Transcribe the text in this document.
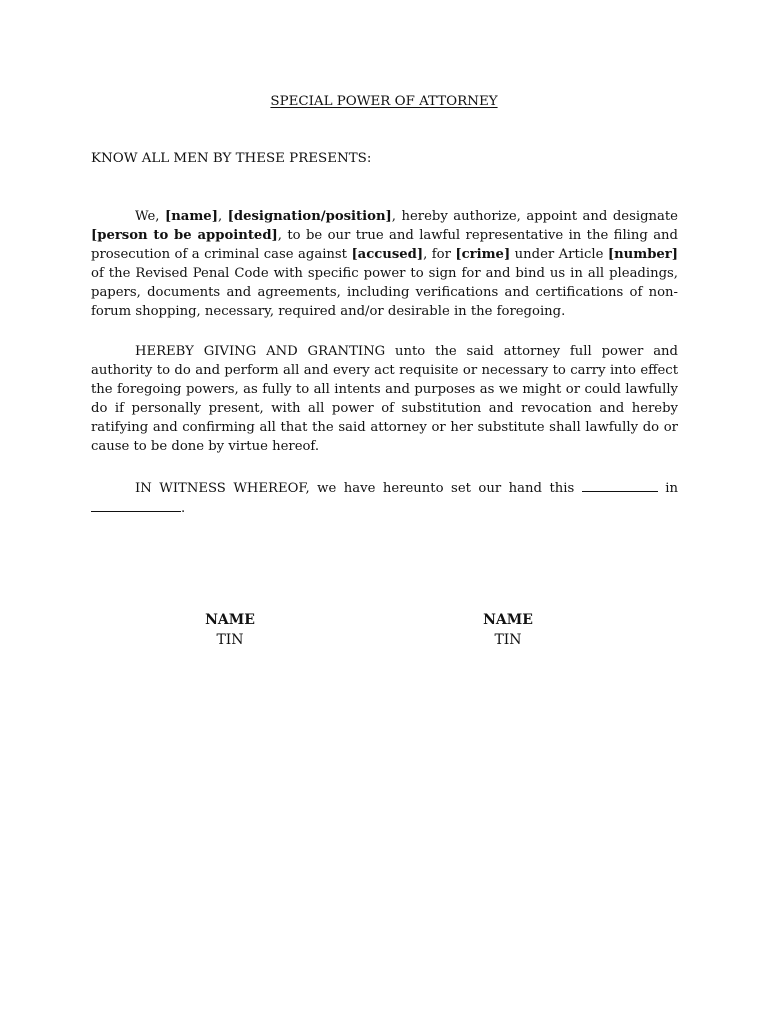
SPECIAL POWER OF ATTORNEY
KNOW ALL MEN BY THESE PRESENTS:

We, [name], [designation/position], hereby authorize, appoint and designate [person to be appointed], to be our true and lawful representative in the filing and prosecution of a criminal case against [accused], for [crime] under Article [number] of the Revised Penal Code with specific power to sign for and bind us in all pleadings, papers, documents and agreements, including verifications and certifications of non-forum shopping, necessary, required and/or desirable in the foregoing.

HEREBY GIVING AND GRANTING unto the said attorney full power and authority to do and perform all and every act requisite or necessary to carry into effect the foregoing powers, as fully to all intents and purposes as we might or could lawfully do if personally present, with all power of substitution and revocation and hereby ratifying and confirming all that the said attorney or her substitute shall lawfully do or cause to be done by virtue hereof.

IN WITNESS WHEREOF, we have hereunto set our hand this	in .

NAME
TIN
NAME
TIN
